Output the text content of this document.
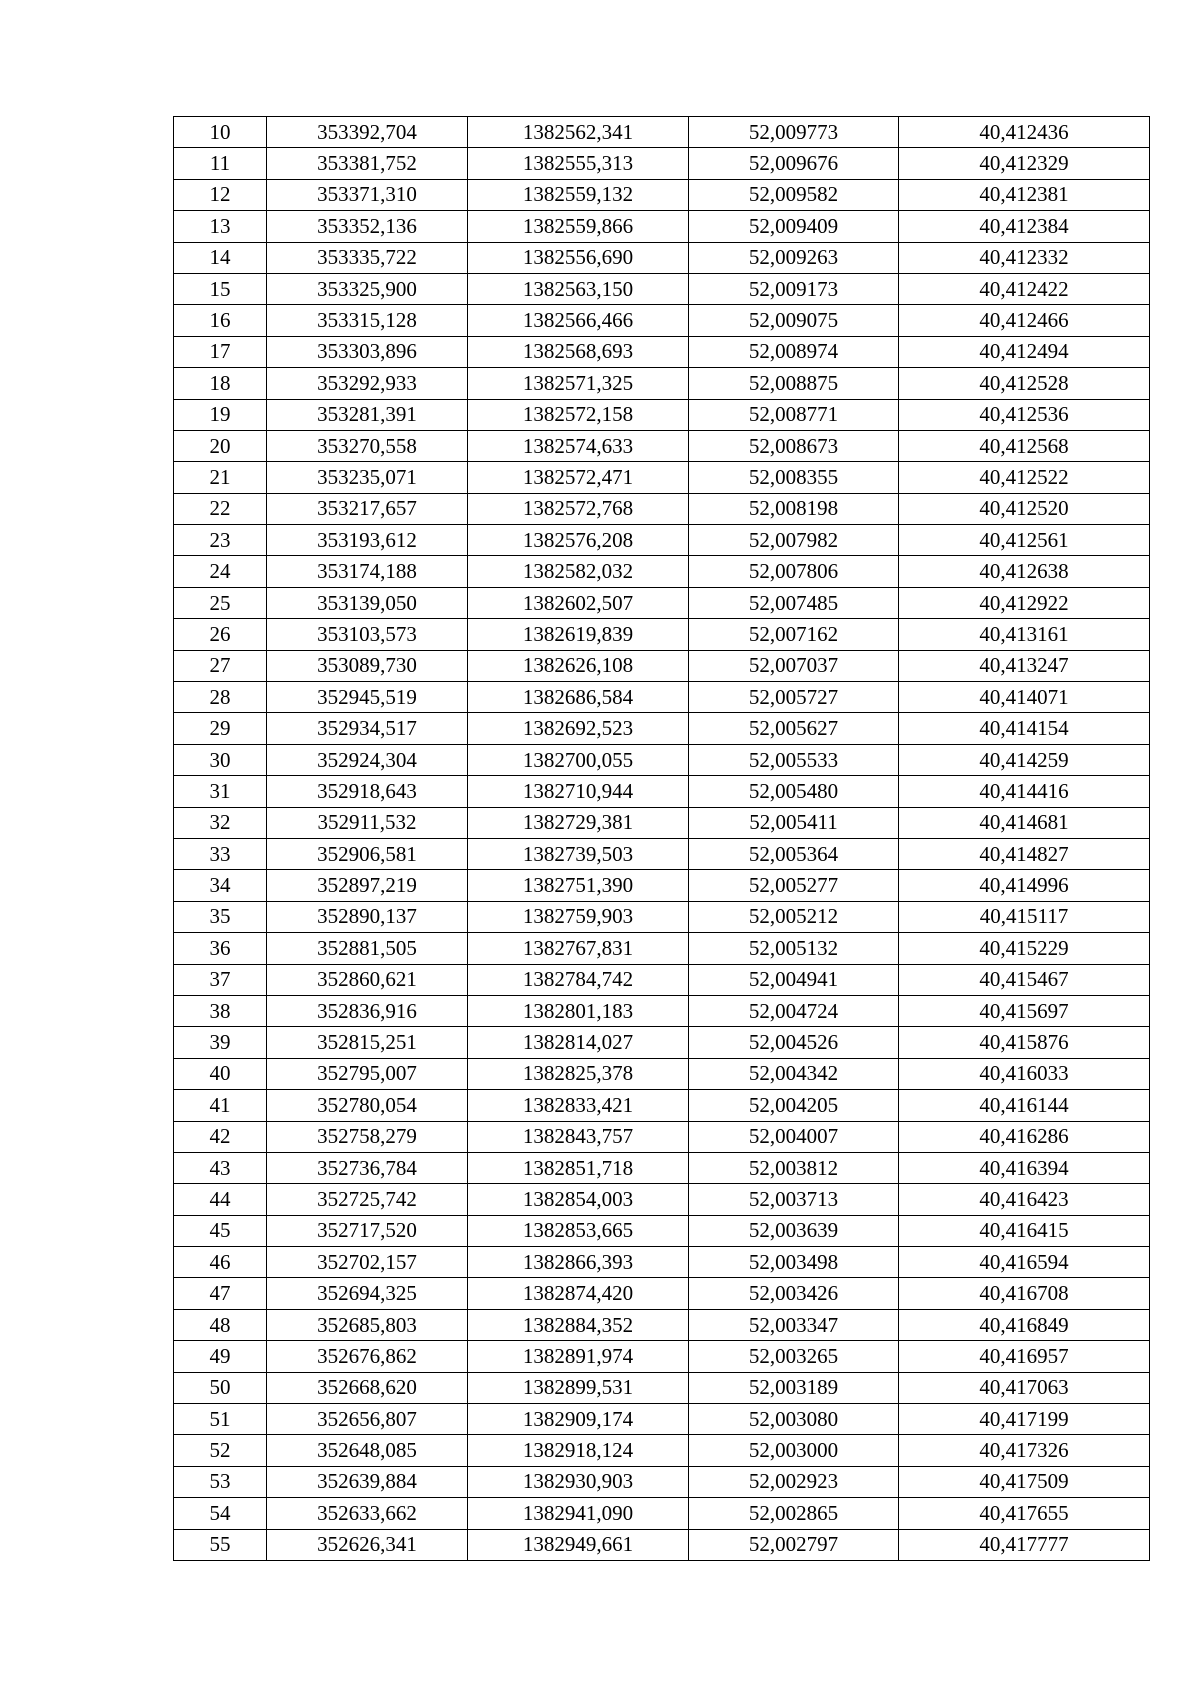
10	353392,704	1382562,341	52,009773	40,412436
11	353381,752	1382555,313	52,009676	40,412329
12	353371,310	1382559,132	52,009582	40,412381
13	353352,136	1382559,866	52,009409	40,412384
14	353335,722	1382556,690	52,009263	40,412332
15	353325,900	1382563,150	52,009173	40,412422
16	353315,128	1382566,466	52,009075	40,412466
17	353303,896	1382568,693	52,008974	40,412494
18	353292,933	1382571,325	52,008875	40,412528
19	353281,391	1382572,158	52,008771	40,412536
20	353270,558	1382574,633	52,008673	40,412568
21	353235,071	1382572,471	52,008355	40,412522
22	353217,657	1382572,768	52,008198	40,412520
23	353193,612	1382576,208	52,007982	40,412561
24	353174,188	1382582,032	52,007806	40,412638
25	353139,050	1382602,507	52,007485	40,412922
26	353103,573	1382619,839	52,007162	40,413161
27	353089,730	1382626,108	52,007037	40,413247
28	352945,519	1382686,584	52,005727	40,414071
29	352934,517	1382692,523	52,005627	40,414154
30	352924,304	1382700,055	52,005533	40,414259
31	352918,643	1382710,944	52,005480	40,414416
32	352911,532	1382729,381	52,005411	40,414681
33	352906,581	1382739,503	52,005364	40,414827
34	352897,219	1382751,390	52,005277	40,414996
35	352890,137	1382759,903	52,005212	40,415117
36	352881,505	1382767,831	52,005132	40,415229
37	352860,621	1382784,742	52,004941	40,415467
38	352836,916	1382801,183	52,004724	40,415697
39	352815,251	1382814,027	52,004526	40,415876
40	352795,007	1382825,378	52,004342	40,416033
41	352780,054	1382833,421	52,004205	40,416144
42	352758,279	1382843,757	52,004007	40,416286
43	352736,784	1382851,718	52,003812	40,416394
44	352725,742	1382854,003	52,003713	40,416423
45	352717,520	1382853,665	52,003639	40,416415
46	352702,157	1382866,393	52,003498	40,416594
47	352694,325	1382874,420	52,003426	40,416708
48	352685,803	1382884,352	52,003347	40,416849
49	352676,862	1382891,974	52,003265	40,416957
50	352668,620	1382899,531	52,003189	40,417063
51	352656,807	1382909,174	52,003080	40,417199
52	352648,085	1382918,124	52,003000	40,417326
53	352639,884	1382930,903	52,002923	40,417509
54	352633,662	1382941,090	52,002865	40,417655
55	352626,341	1382949,661	52,002797	40,417777
